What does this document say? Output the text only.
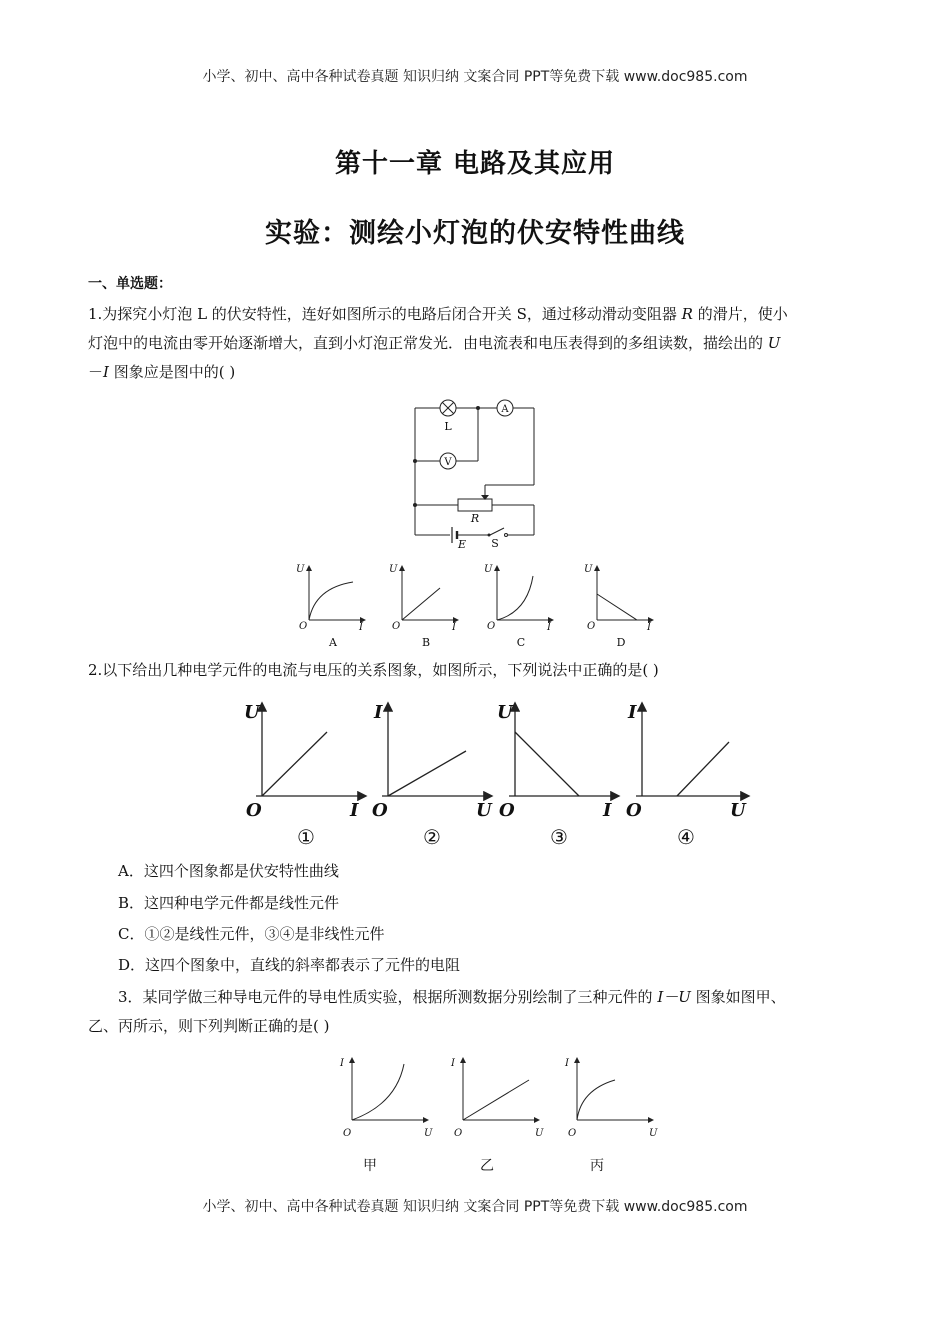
小学、初中、高中各种试卷真题 知识归纳 文案合同 PPT等免费下载 www.doc985.com
小学、初中、高中各种试卷真题 知识归纳 文案合同 PPT等免费下载 www.doc985.com
第十一章 电路及其应用
实验：测绘小灯泡的伏安特性曲线
一、单选题：
1.为探究小灯泡 L 的伏安特性，连好如图所示的电路后闭合开关 S，通过移动滑动变阻器 R 的滑片，使小
灯泡中的电流由零开始逐渐增大，直到小灯泡正常发光．由电流表和电压表得到的多组读数，描绘出的 U
－I 图象应是图中的( )
A
V
L
R
E S
U
O	I
A
U
O	I
B
U
O	I
C
U
O	I
D
2.以下给出几种电学元件的电流与电压的关系图象，如图所示，下列说法中正确的是( )
U
O	I
①
I
O	U
②
U
O	I
③
I
O	U
④
A．这四个图象都是伏安特性曲线
B．这四种电学元件都是线性元件
C．①②是线性元件，③④是非线性元件
D．这四个图象中，直线的斜率都表示了元件的电阻
3．某同学做三种导电元件的导电性质实验，根据所测数据分别绘制了三种元件的 I－U 图象如图甲、
乙、丙所示，则下列判断正确的是( )
I
O	U
甲
I
O	U
乙
I
O	U
丙
